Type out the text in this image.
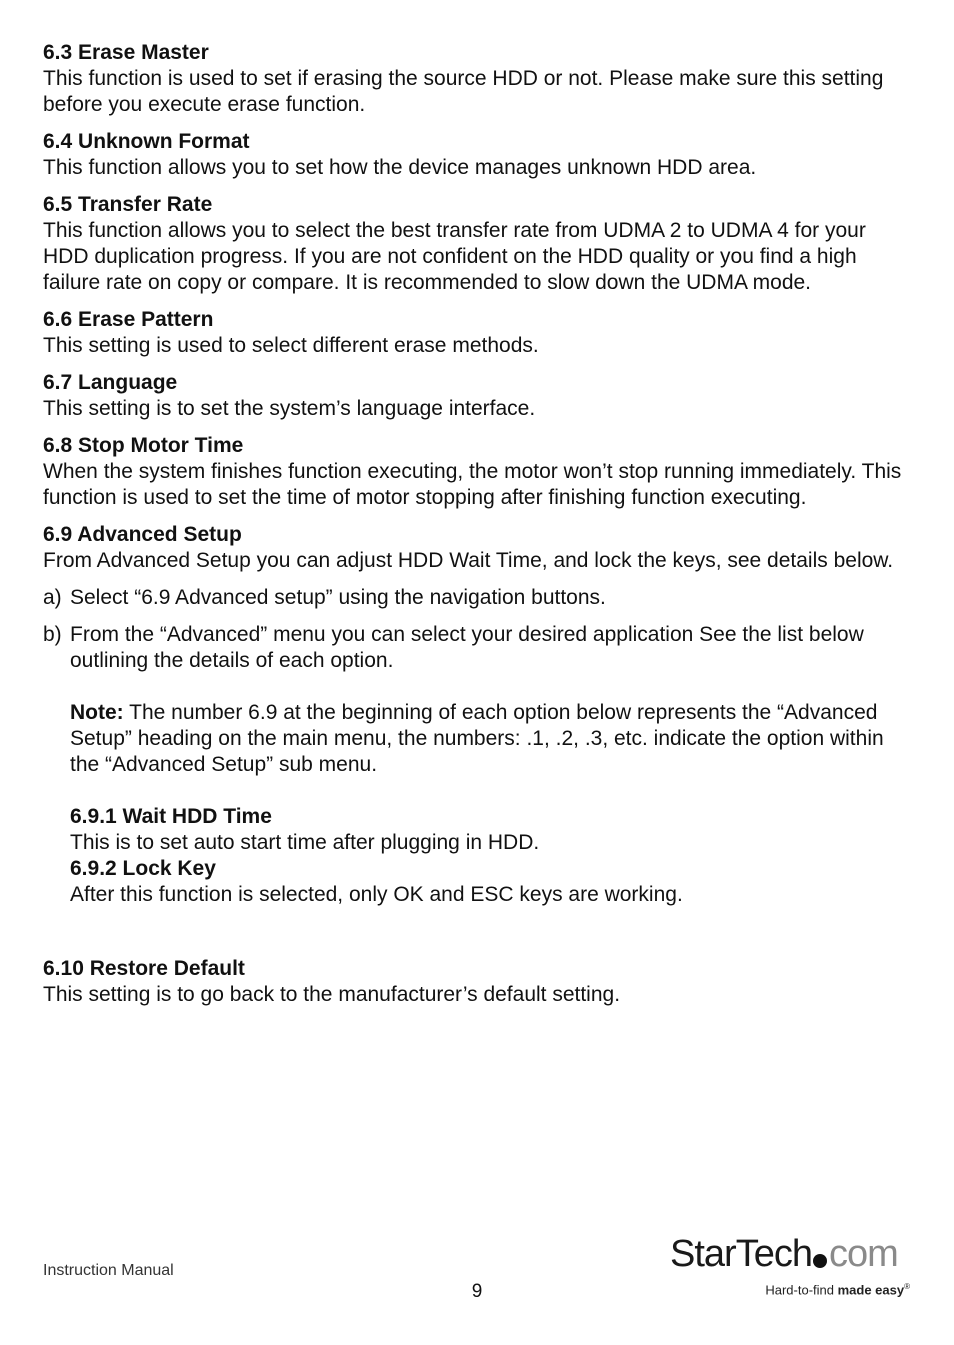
6.3 Erase Master
This function is used to set if erasing the source HDD or not. Please make sure this setting before you execute erase function.
6.4 Unknown Format
This function allows you to set how the device manages unknown HDD area.
6.5 Transfer Rate
This function allows you to select the best transfer rate from UDMA 2 to UDMA 4 for your HDD duplication progress. If you are not confident on the HDD quality or you find a high failure rate on copy or compare. It is recommended to slow down the UDMA mode.
6.6 Erase Pattern
This setting is used to select different erase methods.
6.7 Language
This setting is to set the system’s language interface.
6.8 Stop Motor Time
When the system finishes function executing, the motor won’t stop running immediately. This function is used to set the time of motor stopping after finishing function executing.
6.9 Advanced Setup
From Advanced Setup you can adjust HDD Wait Time, and lock the keys, see details below.
a) Select “6.9 Advanced setup” using the navigation buttons.
b) From the “Advanced” menu you can select your desired application See the list below outlining the details of each option.
Note: The number 6.9 at the beginning of each option below represents the “Advanced Setup” heading on the main menu, the numbers: .1, .2, .3, etc. indicate the option within the “Advanced Setup” sub menu.
6.9.1 Wait HDD Time
This is to set auto start time after plugging in HDD.
6.9.2 Lock Key
After this function is selected, only OK and ESC keys are working.
6.10 Restore Default
This setting is to go back to the manufacturer’s default setting.
Instruction Manual
9
StarTech com
Hard-to-find made easy®
